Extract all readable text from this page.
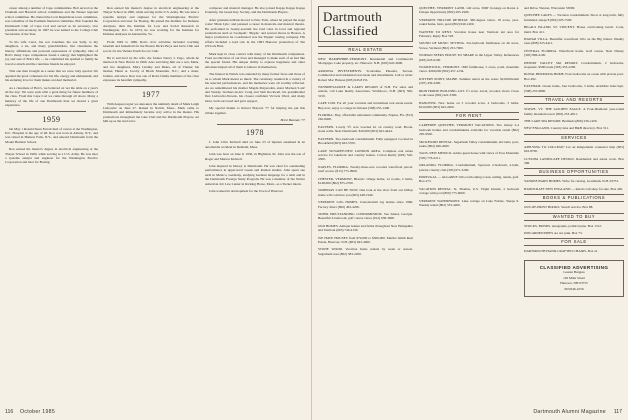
career among a number of Cape communities. Bob served on the Chatham and Harwich school committees and the Nauset regional school committee. He chaired the local Republican town committee, was a member of the Eastham financial committee. Bob founded the Dartmouth Club of Cape Cod and served as its secretary, vice president and secretary. In 1967 he was named to the College Club Secretaries of the Year.

To his wife Carol, his son Jonathan, his son Sally, to my daughters, a sis, and many grandchildren, Our classmates the literary affiliations and personal expressions of sympathy. One of Bob's many Cape companions found a eulogy that highlighted the joy and zest of Bob's life — he committed his spirited to family he loved so much and the countless friends he enjoyed.

This one man brought us a sense that we were truly special. We applaud the great volunteers for his life, energy and enthusiasm, and his enduring love for them makes an ideal memorial.

As a classmate of Bob's, we believed on 'set the table on a year's all the day.' We were each with a great thing for future members of the class. From this Cape Cod we came through all doors. Many a memory of the life of one Dartmouth man we shared a great experience.

1959

On May 1 Ronald Dean Farrah died of cancer at the Washington, D.C. Hospital at the age of 48. Ron was born in Albany, N.Y., and was raised in Hudson Falls, N.Y., and entered Dartmouth from the Mount Hermon School.

Ron earned his master's degree in electrical engineering at the Thayer School in 1960, while serving as a U.S. Army. He was later a systems analyst and engineer for the Washington Electric Corporation and later for Boeing.

Ron earned his master's degree in electrical engineering at the Thayer School in 1960, while serving in the U.S. Army. He was later a systems analyst and engineer for the Westinghouse Electric Corporation and later for Boeing. He joined the Institute for Defense Analyses, then the Institute for Low and Social Research in Washington, D.C. In 1974, he was working for the Institute for Defense Analyses in Alexandria, Va.

From 1962 to 1980, Ron's civic activities included coaching baseball and basketball for the Boston Dick's Boys and Girls Club and soccer for the Vienna Youth Soccer Club.

He is survived by his wife, the former Nancy I. Zago, whom he married in New Haven in 1960. Also surviving him are a son, Mark, and two daughters, Mary Lindley and Diana, all of Vienna; his mother, Hazel A. Jacoby of Black Mountain, N.C.; and a sister, brother, and niece. Ron was one of Ron's family members of the class expresses its heartfelt sympathy.

1977

With deepest regret we announce the untimely death of Mark Leigh Liebowitz on June 27. Raised in Natick, Mass., Mark came to Dartmouth and immediately became very active in the theatre. His productions throughout the Glee Club and the Dartmouth Players, set him up as the lead actor.

composer and musical manager. He also joined Kappa Kappa Kappa fraternity, the Green Key Society, and the Dartmouth Players.

After graduation Mark moved to New York, where he played the stage roster 'Mark Lyle,' and pursued a career in musicals and musical theatre. He performed in twenty-seventh law lead roles in local and regional productions such as 'Godspell,' 'Pippin,' and several shows in Boston. A major production he coordinated was the 'Pippin' touring company. His efforts included a lead role in the 1983 Hanover production of Ten O'Clock Hats.

Mark kept in close contact with many of his Dartmouth companions. Fond recollections of our lives and managed to make each of us feel like the special friend. His unique ability to express happiness and other emotions helped all of them to believe in themselves.

The funeral in Natick was attended by many former faces and those of us to whom Mark meant so much. The ceremony resulted in a variety of his selected performances, and his memories were all warmly reflected. As we remembered his mother Magda Mayersohn, sister Marleen 'Lani' and Wendy, brothers-in-law Craig and Sam Rockwell, his grandmother Dex Liebowitz-Nowak, his closest confidant Victoria Ward, and many more, both sorrowed and gave support.

My special thanks to Robert Brayton '77 for helping me put this tribute together.

Brent Bauman '77
1978

J. John Clive Kidwell died on June 23 of injuries sustained in an automobile accident in Dedham, Mass.

John was born on June 9, 1956, in Highland, Ill. John was the son of Roger and Marion Kidwell.

John majored in history at Dartmouth. He was cited for outstanding performance in upper-level Greek and Roman studies. John spent one term in Mexico, Germany, studying German language for a term and in the Dartmouth Foreign Study Program. He was a member of the Native American Job Law Center in Kicking Horse, Mont., as a Tucker intern.

John worked in development for the Town of Hanover.

116 October 1985
Dartmouth Classified
REAL ESTATE
NEW HAMPSHIRE-VERMONT. Residential and Commercial Mortgages. Lake property, etc. Hanover. N.H. (603) 643-3600.
ARIZONA INVESTMENTS. Scottsdale, Phoenix, Tucson. Commercial and residential real estate and investments. Call or write: Robert Mac Hanson (603) 643-8155.
WINNIPESAUKEE & LAKES REGION of N.H. For sales and rentals, call Lake Realty Associates. Wolfeboro, N.H. (603) 569-3150.
CAPE COD. For all your vacation and investment real estate needs. Buy now, enjoy a cottage in Orleans (508) 255-1400.
FLORIDA. Tiny, affordable retirement community. Naples, Fla. (813) 262-8400.
EASTERN. Lovely 3½ acre wooded lot on country road. Brook, stone walls. Near Dartmouth. $29,000 (603) 643-4444.
EASTERN. Two-bedroom condominium. Fully equipped. Located in Brookfield (603) 643-5700.
LAKE SUNAPEE/NEW LONDON AREA. Complete real estate service for lakefront and country homes. Cotton Realty (603) 526-4500.
NAPLES, FLORIDA. Twenty-three-acre wooded waterfront parcel. Gulf access. (813) 775-0900.
CHESTER, VERMONT. Historic village home, 12 rooms, 2 baths. $148,000 (802) 875-2700.
SOMEDAY CAN BE NOW. One look at the view from our hilltop home will convince you (603) 448-1940.
VERMONT LOG HOMES. Custom-built log homes since 1966. Factory direct (802) 463-4200.
SUPER PRE-STANDING CONDOMINIUM. Sea Island, Georgia. Beautiful 3-bedroom, golf course views (912) 638-3600.
OLD HOMES. Antique homes and farms throughout New Hampshire and Vermont (603) 746-4130.
WE HAVE HOUSES from $79,900 to $500,000. Martha Smith Real Estate, Hanover, N.H. (603) 643-4000.
STONE WOOD. Vacation home rentals by week or season. Sugarbush area (802) 583-2200.
QUECHEE, VERMONT LAND. 140 acres, 3000' frontage on Route 4. Unique Opportunity (802) 295-1900.
VERMONT HILLTOP RETREAT. 360-degree views. 18 acres, year-round home, barn, pond (802) 649-1400.
WANTED TO RENT. Vacation house near Vermont ski area for February. Reply Box 503.
SOUND OF MUSIC SETTING. Six-bedroom farmhouse on 40 acres, Stowe, Vermont (802) 253-7000.
WOMAN SEEKS HOUSE TO SHARE in the Upper Valley. References (603) 643-9100.
WOODSTOCK, VERMONT. 1830 farmhouse, 5 acres, pond, mountain views. $260,000 (802) 457-1234.
KITTERY POINT, MAINE. Summer rental on the water. $2,000/month (207) 439-3200.
IRON HORSE BUILDING LOT. 1½ acres. Level, wooded, views. Close to ski areas (802) 422-3300.
HANOVER. New home on 3 wooded acres, 4 bedrooms, 3 baths. $210,000 (603) 643-2400.
FOR RENT
CAREFREE QUECHEE, VERMONT VACATIONS. Two luxury 2-4 bedroom homes and condominiums available for vacation rental (802) 295-9500.
SKI RESORT RENTAL. Sugarbush Valley condominium, ski trails, pool, sauna (802) 496-2000.
TAOS, NEW MEXICO. Adobe guest house with views of Taos Mountain (505) 776-2211.
ORLANDO, FLORIDA. Condominium, Spacious 2-bedroom, 2-bath, private country club (305) 671-3200.
PORTUGAL — ALGARVE villa overlooking ocean, sailing, tennis, golf. Box 473.
VACATION RENTAL. St. Thomas, U.S. Virgin Islands. 2 bedroom cottage with pool (809) 775-6000.
VERMONT WATERFRONT. Lake cottage on Lake Fairlee. Sleeps 6. Weekly rental (802) 333-4400.
and Drive, Weston, Wisconsin 53090.
QUECHEE LAKES — Vacation condominium. Short or long term, fully furnished, sleeps 8 (802) 295-7500.
BIGALS ISLAND, ST. VINCENT. House overlooking beach. Cook, maid. Box 411.
HAWAII VILLA. Beautiful oceanfront villa on the Big Island. Weekly rates (808) 325-4411.
CENTRAL FLORIDA. Waterfront home. Golf course. Near Disney (305) 896-4100.
DESERT VALLEY SKI RESORT. Condominium, 2 bedrooms, slopeside. $500/week (303) 453-2200.
ROYAL BERMUDA HOME. Four bedrooms on ocean with private pool. Box 492.
EASTHAM. Ocean home, four bedrooms, 3 baths. Available June-Sept. (508) 255-9800.
TRAVEL AND RESORTS
STOWE, VT. THE GOLDEN EAGLE. A Four-Diamond year-round family mountain resort (802) 253-4811.
THE LAKE SPA RESORT. Bermuda (809) 236-1200.
NEW ENGLAND. Country inns and B&B directory. Box 311.
SERVICES
APPLYING TO COLLEGE? Let an independent counselor help (603) 643-8700.
CUSTOM LANDSCAPE DESIGN. Residential and estate work. Box 398.
BUSINESS OPPORTUNITIES
YANKEE BARN HOMES. Write for catalog. Grantham, N.H. 03753.
HANDCRAFT NEW ENGLAND — Retail craft shop for sale. Box 420.
BOOKS & PUBLICATIONS
OUT-OF-PRINT BOOKS. Search service. Box 88.
WANTED TO BUY
STOCKS, BONDS, autographs, political pins. Box 1312.
DISCARDED PIPES are not junk. Box 73.
FOR SALE
DARTMOUTH HAND-CRAFTED CHAIRS. Box 21.
CLASSIFIED ADVERTISING
Lauren Burgess
120 Main Street
Hanover, NH 03755
603/646-2256
Dartmouth Alumni Magazine 117
